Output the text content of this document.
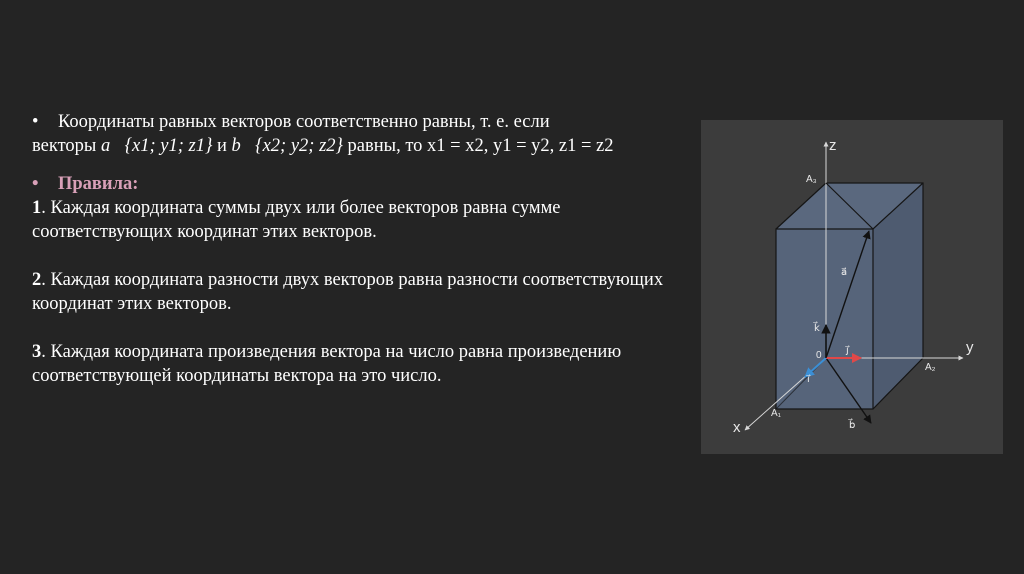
•	Координаты равных векторов соответственно равны, т. е. если

векторы a⃗{x1; y1; z1} и b⃗{x2; y2; z2} равны, то x1 = x2, y1 = y2, z1 = z2

•	Правила:

1. Каждая координата суммы двух или более векторов равна сумме соответствующих координат этих векторов.

2. Каждая координата разности двух векторов равна разности соответствующих координат этих векторов.

3. Каждая координата произведения вектора на число равна произведению соответствующей координаты вектора на это число.

z
y
x
0
A₃
A₂
A₁
a⃗
b⃗
i⃗
j⃗
k⃗
